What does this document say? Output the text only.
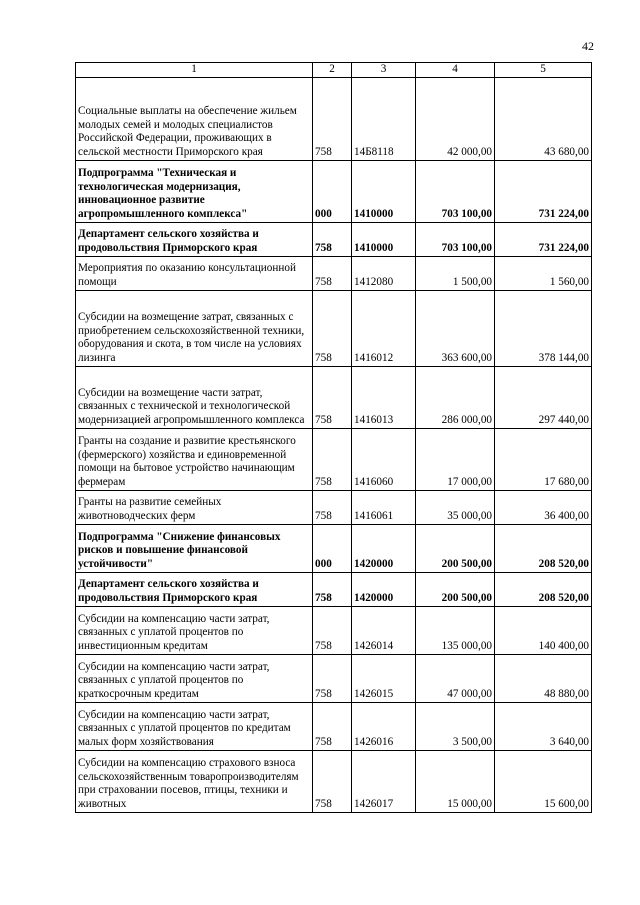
42
1	2	3	4	5
Социальные выплаты на обеспечение жильем молодых семей и молодых специалистов Российской Федерации, проживающих в сельской местности Приморского края	758	14Б8118	42 000,00	43 680,00
Подпрограмма "Техническая и технологическая модернизация, инновационное развитие агропромышленного комплекса"	000	1410000	703 100,00	731 224,00
Департамент сельского хозяйства и продовольствия Приморского края	758	1410000	703 100,00	731 224,00
Мероприятия по оказанию консультационной помощи	758	1412080	1 500,00	1 560,00
Субсидии на возмещение затрат, связанных с приобретением сельскохозяйственной техники, оборудования и скота, в том числе на условиях лизинга	758	1416012	363 600,00	378 144,00
Субсидии на возмещение части затрат, связанных с технической и технологической модернизацией агропромышленного комплекса	758	1416013	286 000,00	297 440,00
Гранты на создание и развитие крестьянского (фермерского) хозяйства и единовременной помощи на бытовое устройство начинающим фермерам	758	1416060	17 000,00	17 680,00
Гранты на развитие семейных животноводческих ферм	758	1416061	35 000,00	36 400,00
Подпрограмма "Снижение финансовых рисков и повышение финансовой устойчивости"	000	1420000	200 500,00	208 520,00
Департамент сельского хозяйства и продовольствия Приморского края	758	1420000	200 500,00	208 520,00
Субсидии на компенсацию части затрат, связанных с уплатой процентов по инвестиционным кредитам	758	1426014	135 000,00	140 400,00
Субсидии на компенсацию части затрат, связанных с уплатой процентов по краткосрочным кредитам	758	1426015	47 000,00	48 880,00
Субсидии на компенсацию части затрат, связанных с уплатой процентов по кредитам малых форм хозяйствования	758	1426016	3 500,00	3 640,00
Субсидии на компенсацию страхового взноса сельскохозяйственным товаропроизводителям при страховании посевов, птицы, техники и животных	758	1426017	15 000,00	15 600,00
